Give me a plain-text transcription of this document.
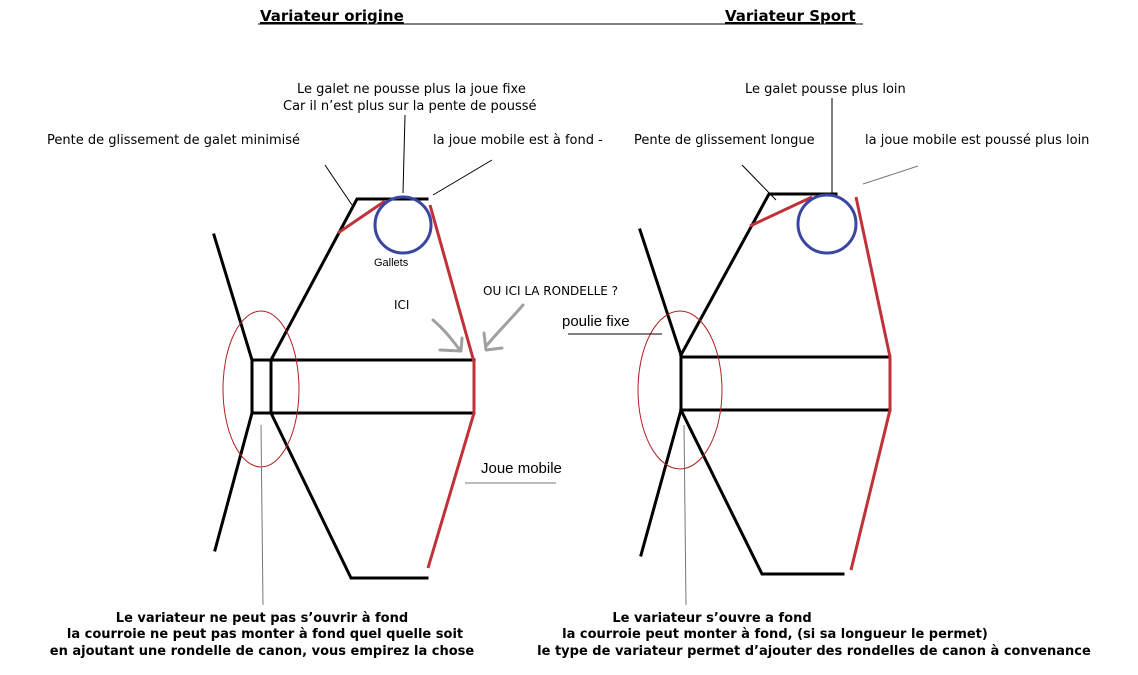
Variateur origine	Variateur Sport
Le galet ne pousse plus la joue fixe
Car il n’est plus sur la pente de poussé
Pente de glissement de galet minimisé	la joue mobile est à fond -
Gallets
ICI
OU ICI LA RONDELLE ?
Joue mobile
Le galet pousse plus loin
Pente de glissement longue	la joue mobile est poussé plus loin
poulie fixe
Le variateur ne peut pas s’ouvrir à fond
la courroie ne peut pas monter à fond quel quelle soit
en ajoutant une rondelle de canon, vous empirez la chose
Le variateur s’ouvre a fond
la courroie peut monter à fond, (si sa longueur le permet)
le type de variateur permet d’ajouter des rondelles de canon à convenance
